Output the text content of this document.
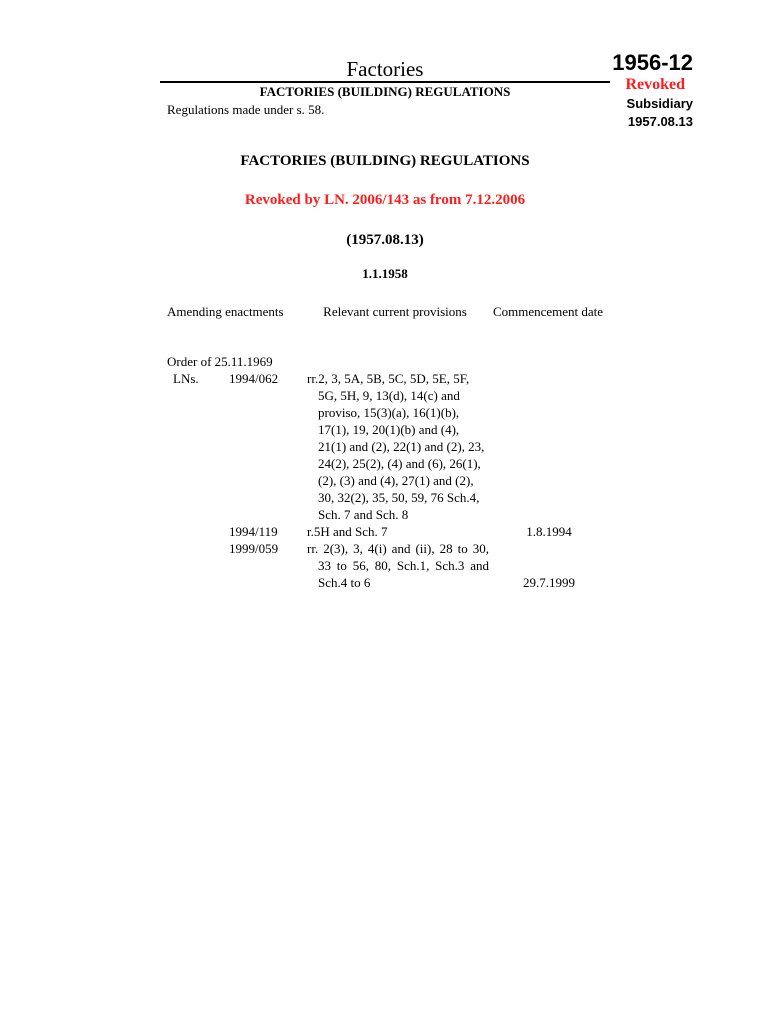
Factories
FACTORIES (BUILDING) REGULATIONS
Regulations made under s. 58.
1956-12
Revoked
Subsidiary
1957.08.13
FACTORIES (BUILDING) REGULATIONS
Revoked by LN. 2006/143 as from 7.12.2006
(1957.08.13)
1.1.1958
Amending enactments	Relevant current provisions	Commencement date
Order of 25.11.1969
LNs. 1994/062	rr.2, 3, 5A, 5B, 5C, 5D, 5E, 5F, 5G, 5H, 9, 13(d), 14(c) and proviso, 15(3)(a), 16(1)(b), 17(1), 19, 20(1)(b) and (4), 21(1) and (2), 22(1) and (2), 23, 24(2), 25(2), (4) and (6), 26(1), (2), (3) and (4), 27(1) and (2), 30, 32(2), 35, 50, 59, 76 Sch.4, Sch. 7 and Sch. 8
1994/119	r.5H and Sch. 7	1.8.1994
1999/059	rr. 2(3), 3, 4(i) and (ii), 28 to 30, 33 to 56, 80, Sch.1, Sch.3 and Sch.4 to 6	29.7.1999
